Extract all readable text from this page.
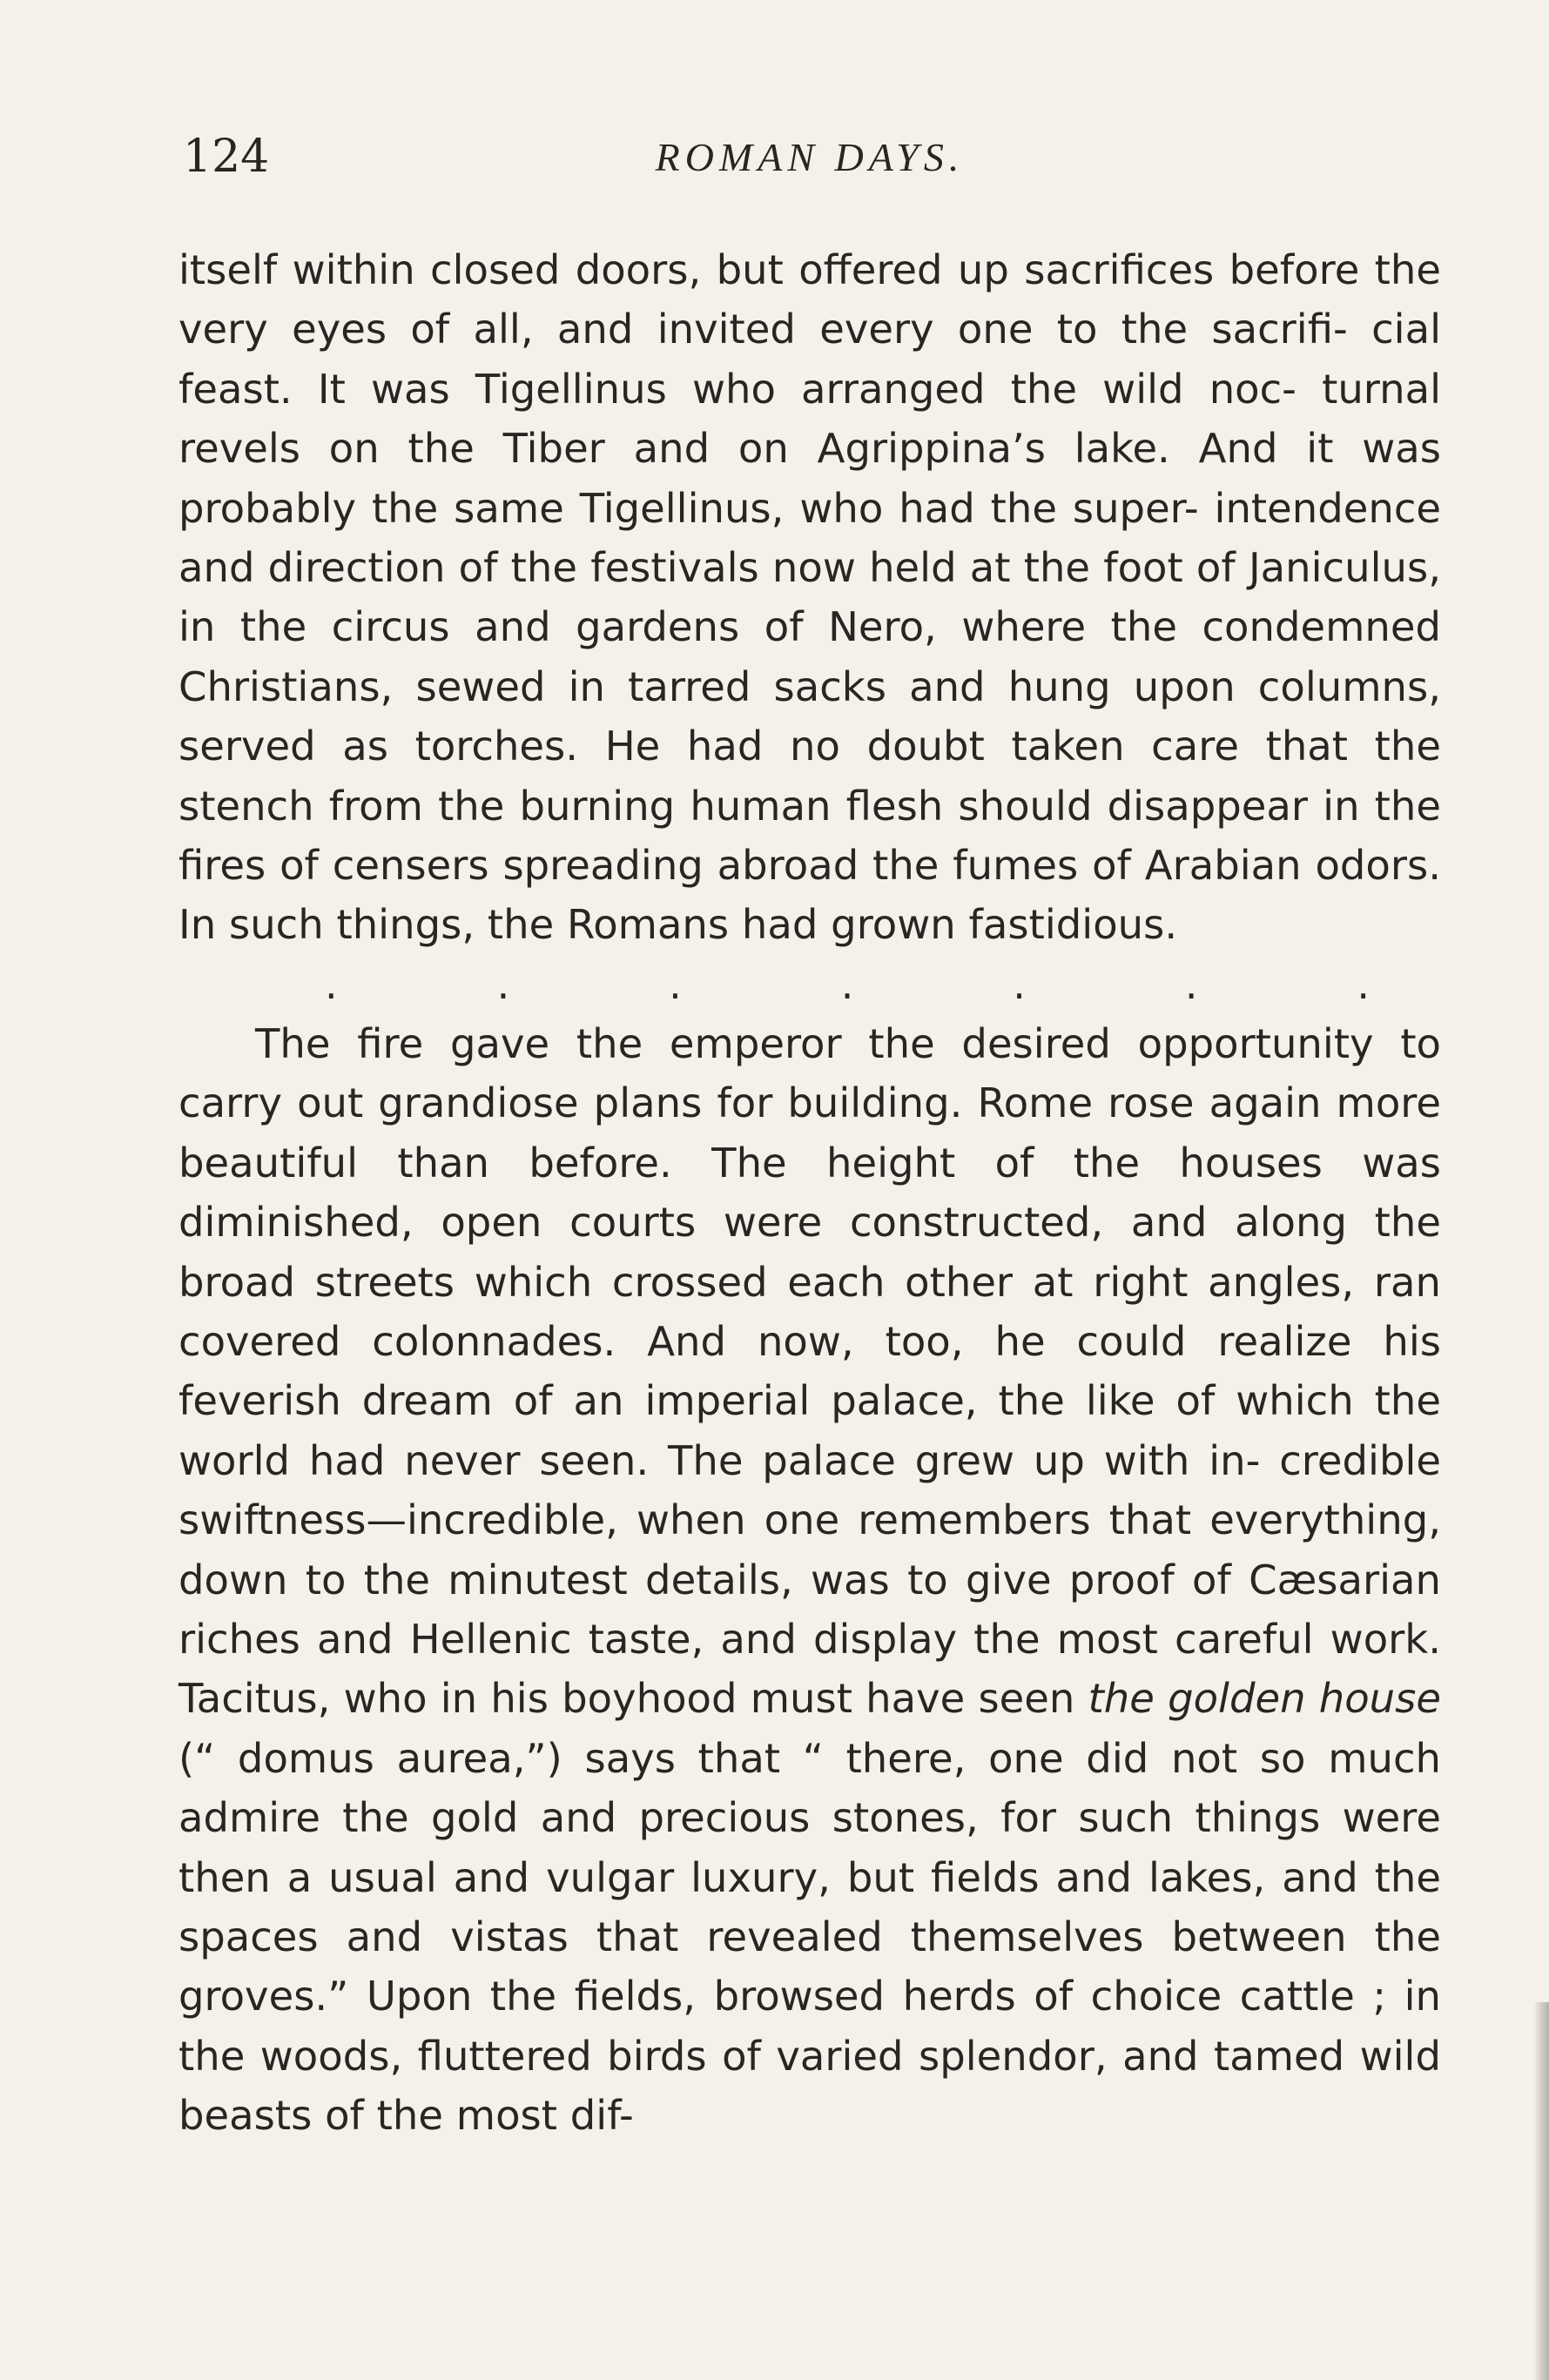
124	ROMAN DAYS.

itself within closed doors, but offered up sacrifices before the very eyes of all, and invited every one to the sacrifi- cial feast. It was Tigellinus who arranged the wild noc- turnal revels on the Tiber and on Agrippina’s lake. And it was probably the same Tigellinus, who had the super- intendence and direction of the festivals now held at the foot of Janiculus, in the circus and gardens of Nero, where the condemned Christians, sewed in tarred sacks and hung upon columns, served as torches. He had no doubt taken care that the stench from the burning human flesh should disappear in the fires of censers spreading abroad the fumes of Arabian odors. In such things, the Romans had grown fastidious.

.	.	.	.	.	.	.

The fire gave the emperor the desired opportunity to carry out grandiose plans for building. Rome rose again more beautiful than before. The height of the houses was diminished, open courts were constructed, and along the broad streets which crossed each other at right angles, ran covered colonnades. And now, too, he could realize his feverish dream of an imperial palace, the like of which the world had never seen. The palace grew up with in- credible swiftness—incredible, when one remembers that everything, down to the minutest details, was to give proof of Cæsarian riches and Hellenic taste, and display the most careful work. Tacitus, who in his boyhood must have seen the golden house (“ domus aurea,”) says that “ there, one did not so much admire the gold and precious stones, for such things were then a usual and vulgar luxury, but fields and lakes, and the spaces and vistas that revealed themselves between the groves.” Upon the fields, browsed herds of choice cattle ; in the woods, fluttered birds of varied splendor, and tamed wild beasts of the most dif-
